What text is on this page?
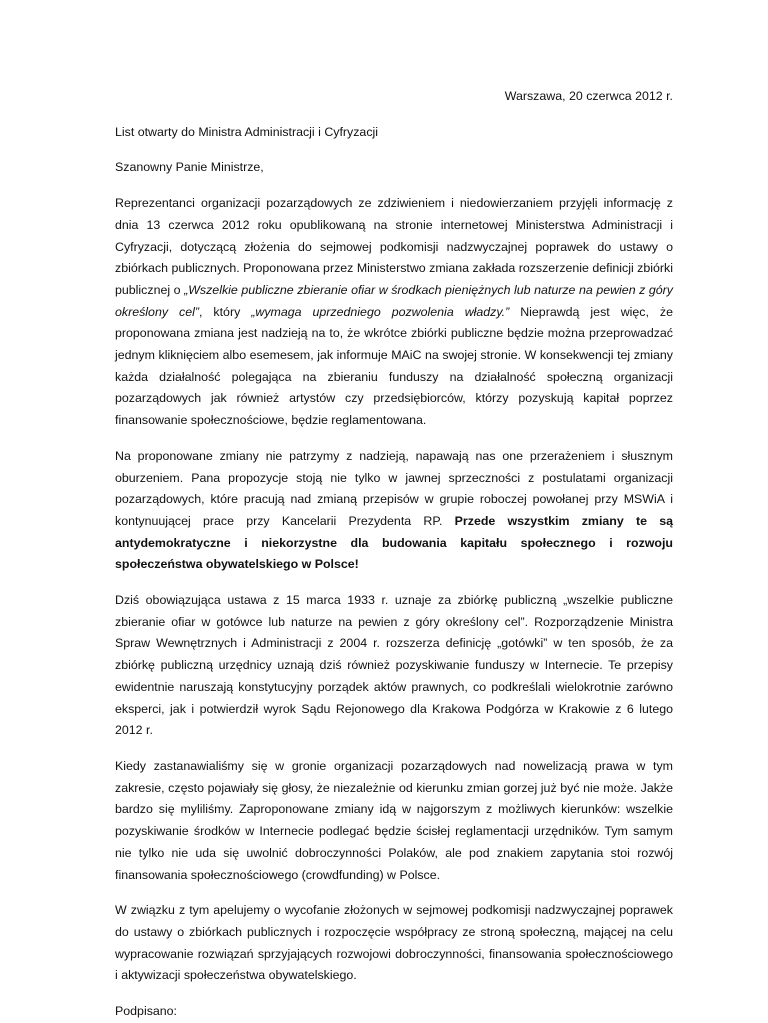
Warszawa, 20 czerwca 2012 r.

List otwarty do Ministra Administracji i Cyfryzacji

Szanowny Panie Ministrze,

Reprezentanci organizacji pozarządowych ze zdziwieniem i niedowierzaniem przyjęli informację z dnia 13 czerwca 2012 roku opublikowaną na stronie internetowej Ministerstwa Administracji i Cyfryzacji, dotyczącą złożenia do sejmowej podkomisji nadzwyczajnej poprawek do ustawy o zbiórkach publicznych. Proponowana przez Ministerstwo zmiana zakłada rozszerzenie definicji zbiórki publicznej o „Wszelkie publiczne zbieranie ofiar w środkach pieniężnych lub naturze na pewien z góry określony cel”, który „wymaga uprzedniego pozwolenia władzy.” Nieprawdą jest więc, że proponowana zmiana jest nadzieją na to, że wkrótce zbiórki publiczne będzie można przeprowadzać jednym kliknięciem albo esemesem, jak informuje MAiC na swojej stronie. W konsekwencji tej zmiany każda działalność polegająca na zbieraniu funduszy na działalność społeczną organizacji pozarządowych jak również artystów czy przedsiębiorców, którzy pozyskują kapitał poprzez finansowanie społecznościowe, będzie reglamentowana.

Na proponowane zmiany nie patrzymy z nadzieją, napawają nas one przerażeniem i słusznym oburzeniem. Pana propozycje stoją nie tylko w jawnej sprzeczności z postulatami organizacji pozarządowych, które pracują nad zmianą przepisów w grupie roboczej powołanej przy MSWiA i kontynuującej prace przy Kancelarii Prezydenta RP. Przede wszystkim zmiany te są antydemokratyczne i niekorzystne dla budowania kapitału społecznego i rozwoju społeczeństwa obywatelskiego w Polsce!

Dziś obowiązująca ustawa z 15 marca 1933 r. uznaje za zbiórkę publiczną „wszelkie publiczne zbieranie ofiar w gotówce lub naturze na pewien z góry określony cel”. Rozporządzenie Ministra Spraw Wewnętrznych i Administracji z 2004 r. rozszerza definicję „gotówki” w ten sposób, że za zbiórkę publiczną urzędnicy uznają dziś również pozyskiwanie funduszy w Internecie. Te przepisy ewidentnie naruszają konstytucyjny porządek aktów prawnych, co podkreślali wielokrotnie zarówno eksperci, jak i potwierdził wyrok Sądu Rejonowego dla Krakowa Podgórza w Krakowie z 6 lutego 2012 r.

Kiedy zastanawialiśmy się w gronie organizacji pozarządowych nad nowelizacją prawa w tym zakresie, często pojawiały się głosy, że niezależnie od kierunku zmian gorzej już być nie może. Jakże bardzo się myliliśmy. Zaproponowane zmiany idą w najgorszym z możliwych kierunków: wszelkie pozyskiwanie środków w Internecie podlegać będzie ścisłej reglamentacji urzędników. Tym samym nie tylko nie uda się uwolnić dobroczynności Polaków, ale pod znakiem zapytania stoi rozwój finansowania społecznościowego (crowdfunding) w Polsce.

W związku z tym apelujemy o wycofanie złożonych w sejmowej podkomisji nadzwyczajnej poprawek do ustawy o zbiórkach publicznych i rozpoczęcie współpracy ze stroną społeczną, mającej na celu wypracowanie rozwiązań sprzyjających rozwojowi dobroczynności, finansowania społecznościowego i aktywizacji społeczeństwa obywatelskiego.

Podpisano:
